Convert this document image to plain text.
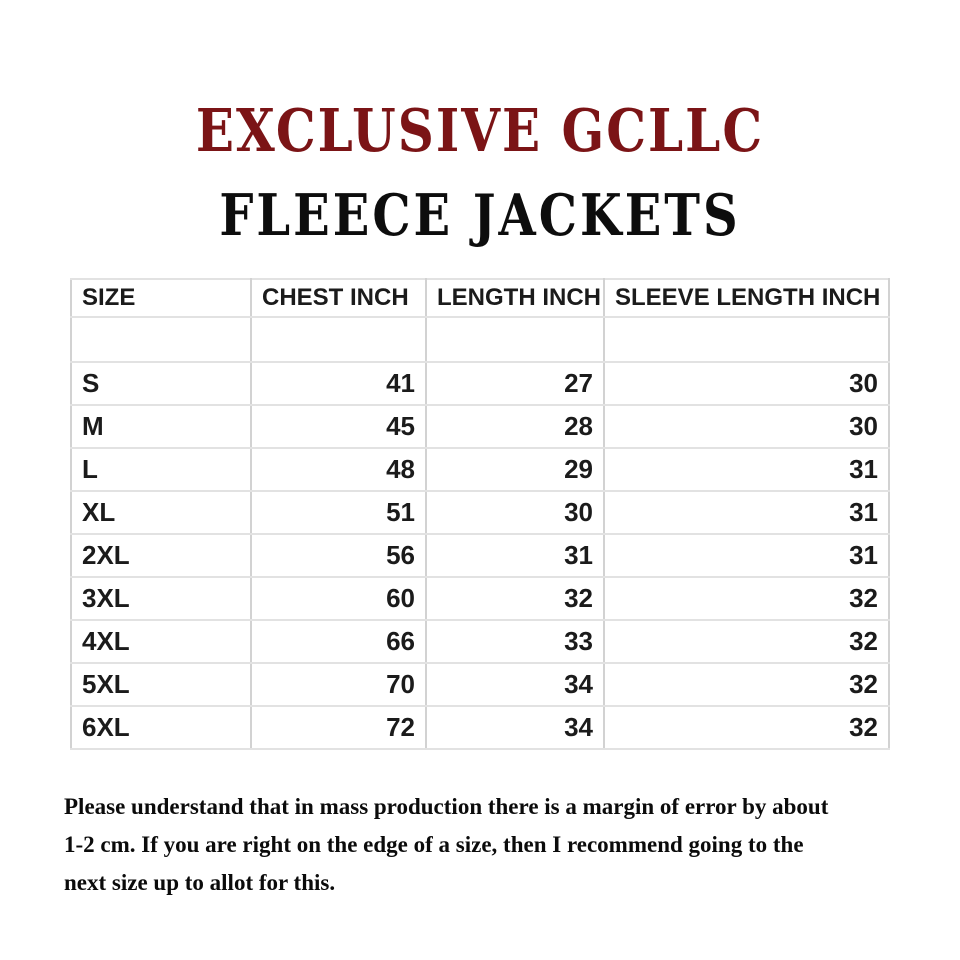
EXCLUSIVE GCLLC
FLEECE JACKETS
SIZE	CHEST INCH	LENGTH INCH	SLEEVE LENGTH INCH

S	41	27	30
M	45	28	30
L	48	29	31
XL	51	30	31
2XL	56	31	31
3XL	60	32	32
4XL	66	33	32
5XL	70	34	32
6XL	72	34	32
Please understand that in mass production there is a margin of error by about
1-2 cm. If you are right on the edge of a size, then I recommend going to the
next size up to allot for this.
